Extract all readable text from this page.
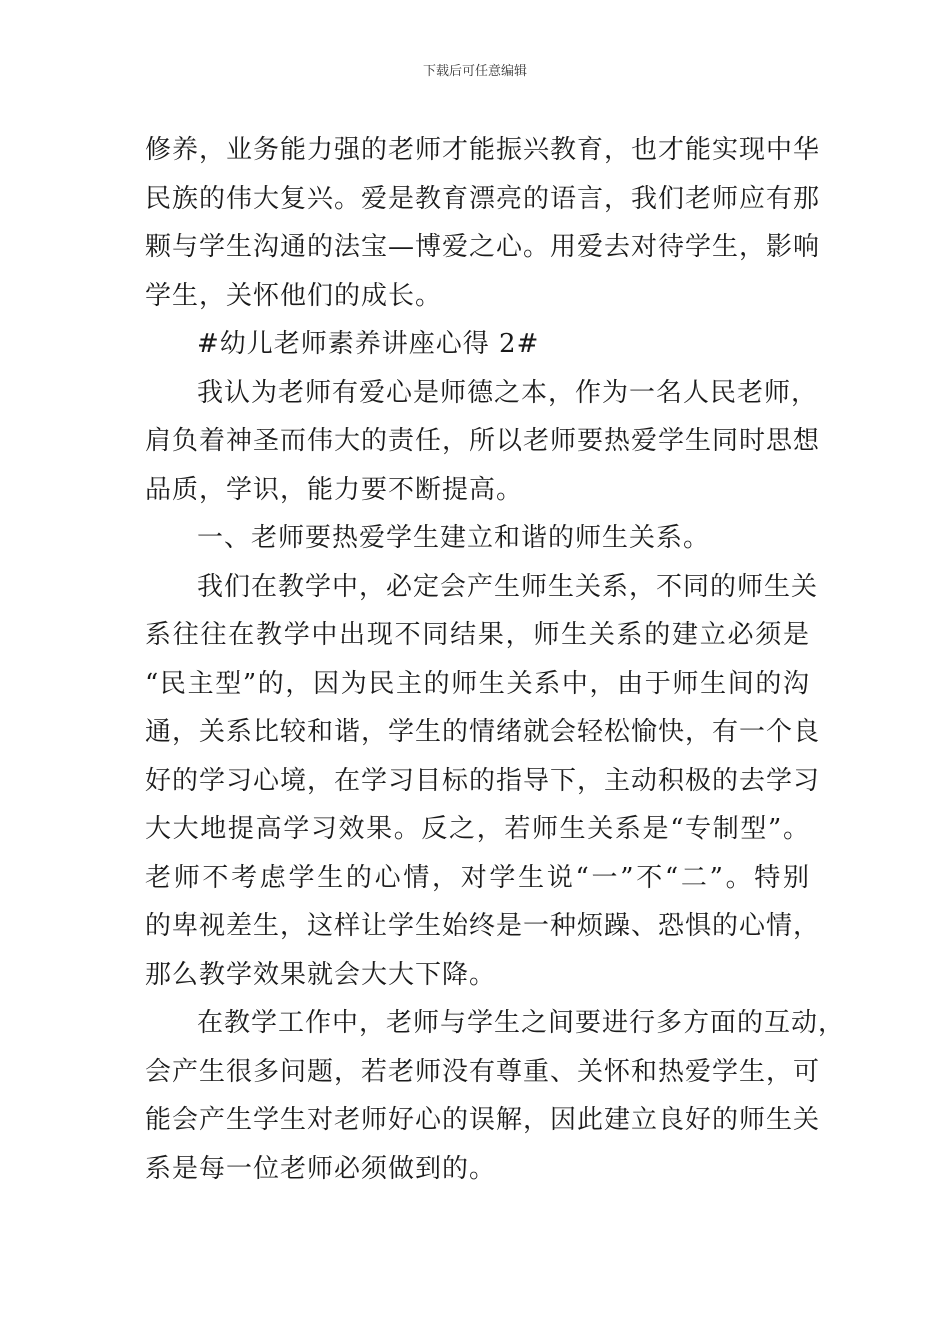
下载后可任意编辑
修养，业务能力强的老师才能振兴教育，也才能实现中华
民族的伟大复兴。爱是教育漂亮的语言，我们老师应有那
颗与学生沟通的法宝—博爱之心。用爱去对待学生，影响
学生，关怀他们的成长。
#幼儿老师素养讲座心得 2#
我认为老师有爱心是师德之本，作为一名人民老师，
肩负着神圣而伟大的责任，所以老师要热爱学生同时思想
品质，学识，能力要不断提高。
一、老师要热爱学生建立和谐的师生关系。
我们在教学中，必定会产生师生关系，不同的师生关
系往往在教学中出现不同结果，师生关系的建立必须是
“民主型”的，因为民主的师生关系中，由于师生间的沟
通，关系比较和谐，学生的情绪就会轻松愉快，有一个良
好的学习心境，在学习目标的指导下，主动积极的去学习
大大地提高学习效果。反之，若师生关系是“专制型”。
老师不考虑学生的心情，对学生说“一”不“二”。特别
的卑视差生，这样让学生始终是一种烦躁、恐惧的心情，
那么教学效果就会大大下降。
在教学工作中，老师与学生之间要进行多方面的互动，
会产生很多问题，若老师没有尊重、关怀和热爱学生，可
能会产生学生对老师好心的误解，因此建立良好的师生关
系是每一位老师必须做到的。
